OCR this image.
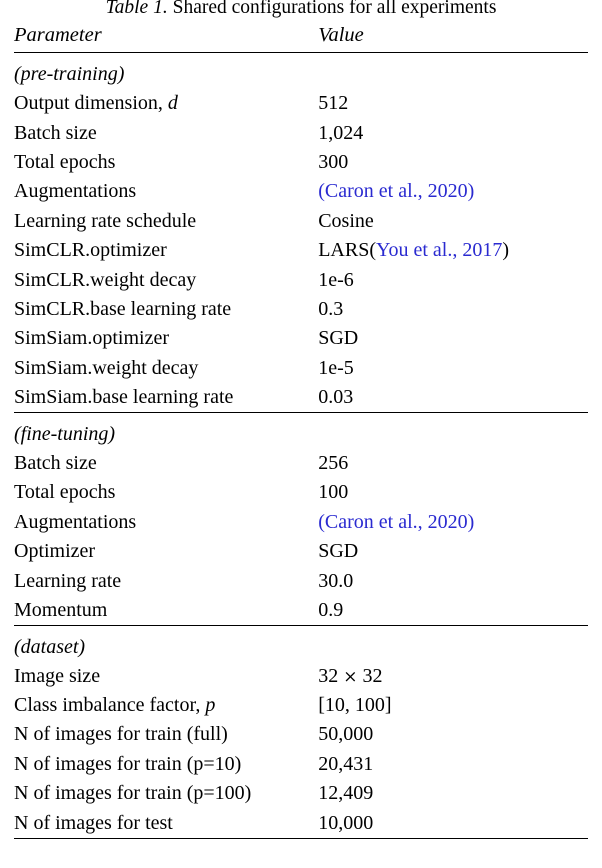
Table 1. Shared configurations for all experiments
Parameter	Value
(pre-training)	
Output dimension, d	512
Batch size	1,024
Total epochs	300
Augmentations	(Caron et al., 2020)
Learning rate schedule	Cosine
SimCLR.optimizer	LARS(You et al., 2017)
SimCLR.weight decay	1e-6
SimCLR.base learning rate	0.3
SimSiam.optimizer	SGD
SimSiam.weight decay	1e-5
SimSiam.base learning rate	0.03
(fine-tuning)	
Batch size	256
Total epochs	100
Augmentations	(Caron et al., 2020)
Optimizer	SGD
Learning rate	30.0
Momentum	0.9
(dataset)	
Image size	32 × 32
Class imbalance factor, p	[10, 100]
N of images for train (full)	50,000
N of images for train (p=10)	20,431
N of images for train (p=100)	12,409
N of images for test	10,000
